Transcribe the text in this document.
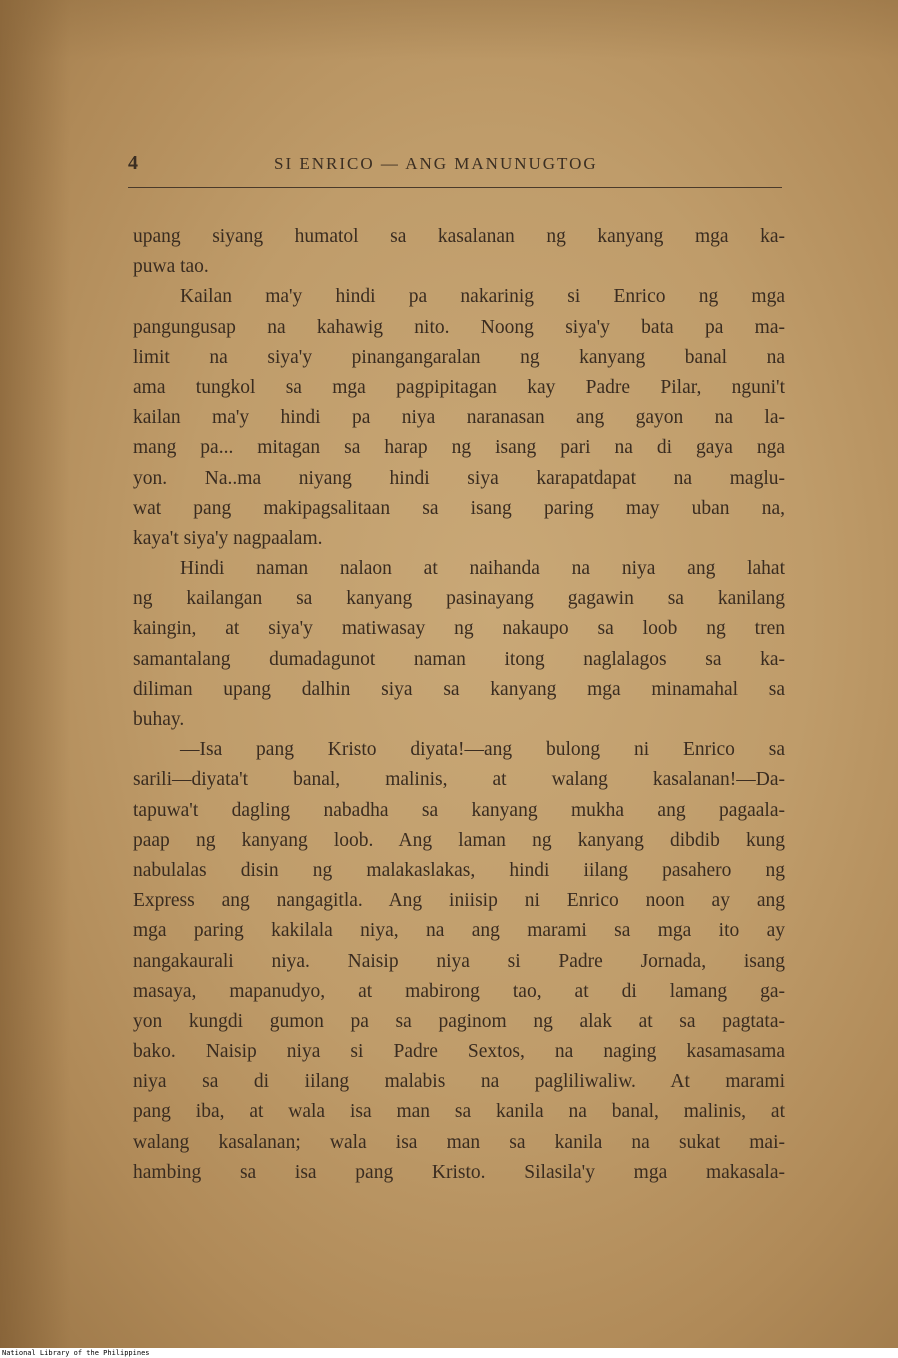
4	SI ENRICO — ANG MANUNUGTOG
upang siyang humatol sa kasalanan ng kanyang mga ka-
puwa tao.
Kailan ma'y hindi pa nakarinig si Enrico ng mga
pangungusap na kahawig nito. Noong siya'y bata pa ma-
limit na siya'y pinangangaralan ng kanyang banal na
ama tungkol sa mga pagpipitagan kay Padre Pilar, nguni't
kailan ma'y hindi pa niya naranasan ang gayon na la-
mang pa... mitagan sa harap ng isang pari na di gaya nga
yon. Na..ma niyang hindi siya karapatdapat na maglu-
wat pang makipagsalitaan sa isang paring may uban na,
kaya't siya'y nagpaalam.
Hindi naman nalaon at naihanda na niya ang lahat
ng kailangan sa kanyang pasinayang gagawin sa kanilang
kaingin, at siya'y matiwasay ng nakaupo sa loob ng tren
samantalang dumadagunot naman itong naglalagos sa ka-
diliman upang dalhin siya sa kanyang mga minamahal sa
buhay.
—Isa pang Kristo diyata!—ang bulong ni Enrico sa
sarili—diyata't banal, malinis, at walang kasalanan!—Da-
tapuwa't dagling nabadha sa kanyang mukha ang pagaala-
paap ng kanyang loob. Ang laman ng kanyang dibdib kung
nabulalas disin ng malakaslakas, hindi iilang pasahero ng
Express ang nangagitla. Ang iniisip ni Enrico noon ay ang
mga paring kakilala niya, na ang marami sa mga ito ay
nangakaurali niya. Naisip niya si Padre Jornada, isang
masaya, mapanudyo, at mabirong tao, at di lamang ga-
yon kungdi gumon pa sa paginom ng alak at sa pagtata-
bako. Naisip niya si Padre Sextos, na naging kasamasama
niya sa di iilang malabis na pagliliwaliw. At marami
pang iba, at wala isa man sa kanila na banal, malinis, at
walang kasalanan; wala isa man sa kanila na sukat mai-
hambing sa isa pang Kristo. Silasila'y mga makasala-
National Library of the Philippines
